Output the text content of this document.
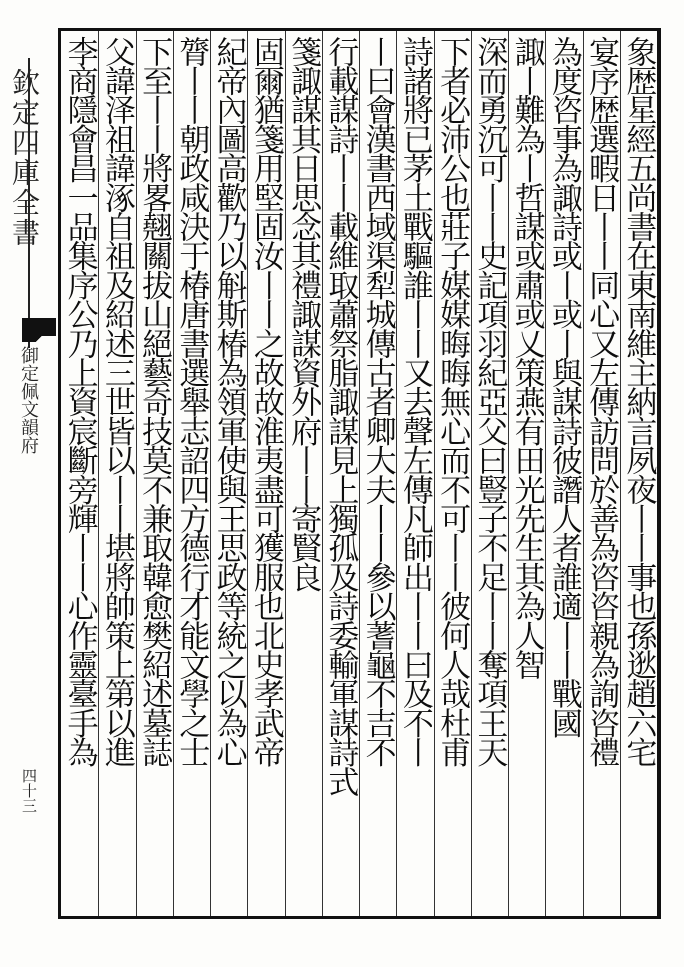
欽定四庫全書
御定佩文韻府
四十三
象歴星經五尚書在東南維主納言夙夜丨丨事也孫逖趙六宅
宴序歴選暇日丨丨同心又左傳訪問於善為咨咨親為詢咨禮
為度咨事為諏詩或丨或丨與謀詩彼譖人者誰適丨丨戰國
諏丨難為丨哲謀或肅或乂策燕有田光先生其為人智
深而勇沉可丨丨史記項羽紀亞父曰豎子不足丨丨奪項王天
下者必沛公也莊子媒媒晦晦無心而不可丨丨彼何人哉杜甫
詩諸將已茅土戰驅誰丨丨又去聲左傳凡師出丨丨曰及不丨
丨曰會漢書西域渠犁城傳古者卿大夫丨丨參以蓍龜不吉不
行載謀詩丨丨載維取蕭祭脂諏謀見上獨孤及詩委輸軍謀詩式
箋諏謀其日思念其禮諏謀資外府丨丨寄賢良
固爾猶箋用堅固汝丨丨之故故淮夷盡可獲服也北史孝武帝
紀帝內圖高歡乃以斛斯椿為領軍使與王思政等統之以為心
膂丨丨朝政咸決于椿唐書選舉志詔四方德行才能文學之士
下至丨丨將畧翹關拔山絕藝奇技莫不兼取韓愈樊紹述墓誌
父諱泽祖諱涿自祖及紹述三世皆以丨丨堪將帥策上第以進
李商隱會昌一品集序公乃上資宸斷旁輝丨丨心作靈臺手為
